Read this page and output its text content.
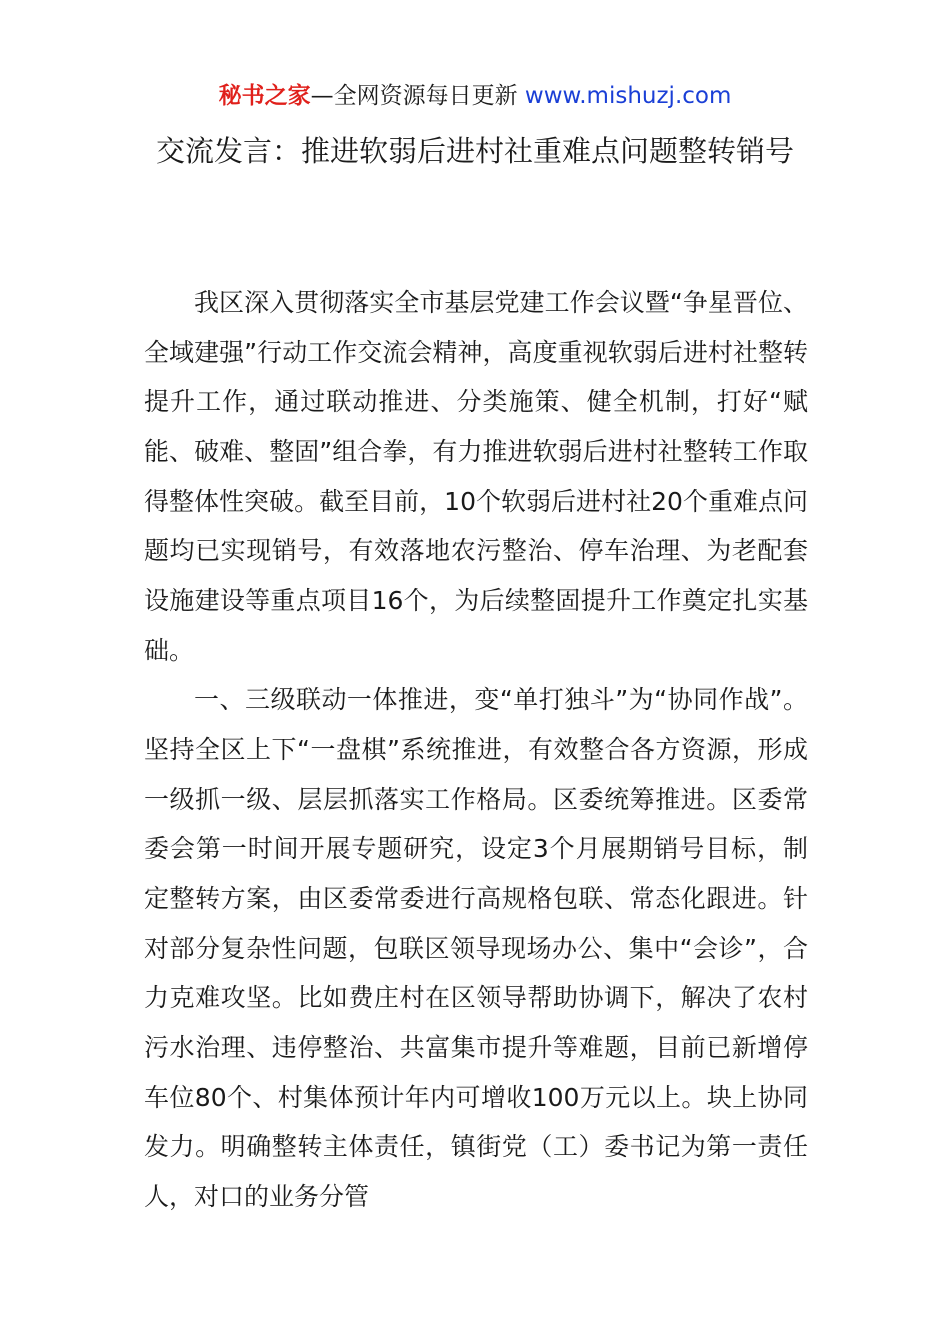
秘书之家—全网资源每日更新 www.mishuzj.com
交流发言：推进软弱后进村社重难点问题整转销号

我区深入贯彻落实全市基层党建工作会议暨“争星晋位、全域建强”行动工作交流会精神，高度重视软弱后进村社整转提升工作，通过联动推进、分类施策、健全机制，打好“赋能、破难、整固”组合拳，有力推进软弱后进村社整转工作取得整体性突破。截至目前，10个软弱后进村社20个重难点问题均已实现销号，有效落地农污整治、停车治理、为老配套设施建设等重点项目16个，为后续整固提升工作奠定扎实基础。

一、三级联动一体推进，变“单打独斗”为“协同作战”。坚持全区上下“一盘棋”系统推进，有效整合各方资源，形成一级抓一级、层层抓落实工作格局。区委统筹推进。区委常委会第一时间开展专题研究，设定3个月展期销号目标，制定整转方案，由区委常委进行高规格包联、常态化跟进。针对部分复杂性问题，包联区领导现场办公、集中“会诊”，合力克难攻坚。比如费庄村在区领导帮助协调下，解决了农村污水治理、违停整治、共富集市提升等难题，目前已新增停车位80个、村集体预计年内可增收100万元以上。块上协同发力。明确整转主体责任，镇街党（工）委书记为第一责任人，对口的业务分管
